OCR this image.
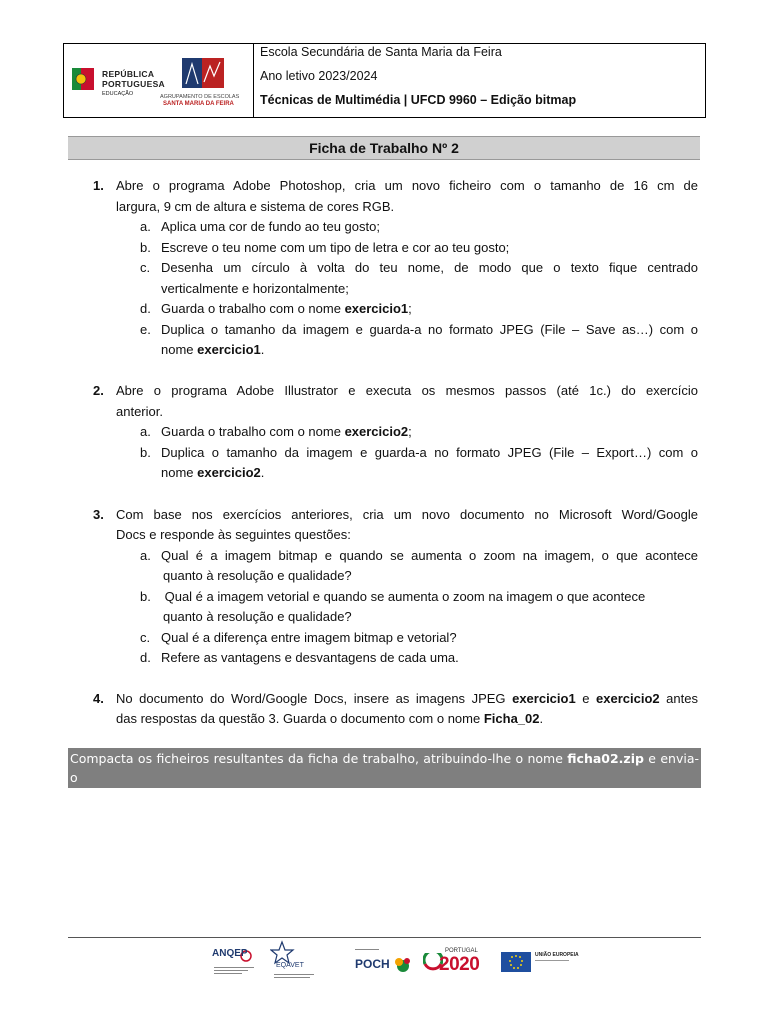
REPÚBLICA
PORTUGUESA
EDUCAÇÃO	AGRUPAMENTO DE ESCOLAS
SANTA MARIA DA FEIRA
Escola Secundária de Santa Maria da Feira
Ano letivo 2023/2024
Técnicas de Multimédia | UFCD 9960 – Edição bitmap
Ficha de Trabalho Nº 2
1. Abre o programa Adobe Photoshop, cria um novo ficheiro com o tamanho de 16 cm de
largura, 9 cm de altura e sistema de cores RGB.
a. Aplica uma cor de fundo ao teu gosto;
b. Escreve o teu nome com um tipo de letra e cor ao teu gosto;
c. Desenha um círculo à volta do teu nome, de modo que o texto fique centrado
verticalmente e horizontalmente;
d. Guarda o trabalho com o nome exercicio1;
e. Duplica o tamanho da imagem e guarda-a no formato JPEG (File – Save as…) com o
nome exercicio1.
2. Abre o programa Adobe Illustrator e executa os mesmos passos (até 1c.) do exercício
anterior.
a. Guarda o trabalho com o nome exercicio2;
b. Duplica o tamanho da imagem e guarda-a no formato JPEG (File – Export…) com o
nome exercicio2.
3. Com base nos exercícios anteriores, cria um novo documento no Microsoft Word/Google
Docs e responde às seguintes questões:
a. Qual é a imagem bitmap e quando se aumenta o zoom na imagem, o que acontece
quanto à resolução e qualidade?
b. Qual é a imagem vetorial e quando se aumenta o zoom na imagem o que acontece
quanto à resolução e qualidade?
c. Qual é a diferença entre imagem bitmap e vetorial?
d. Refere as vantagens e desvantagens de cada uma.
4. No documento do Word/Google Docs, insere as imagens JPEG exercicio1 e exercicio2 antes
das respostas da questão 3. Guarda o documento com o nome Ficha_02.
Compacta os ficheiros resultantes da ficha de trabalho, atribuindo-lhe o nome ficha02.zip e envia-o
através da plataforma Classroom.
ANQEP
EQAVET	POCH
PORTUGAL
2020	UNIÃO EUROPEIA
